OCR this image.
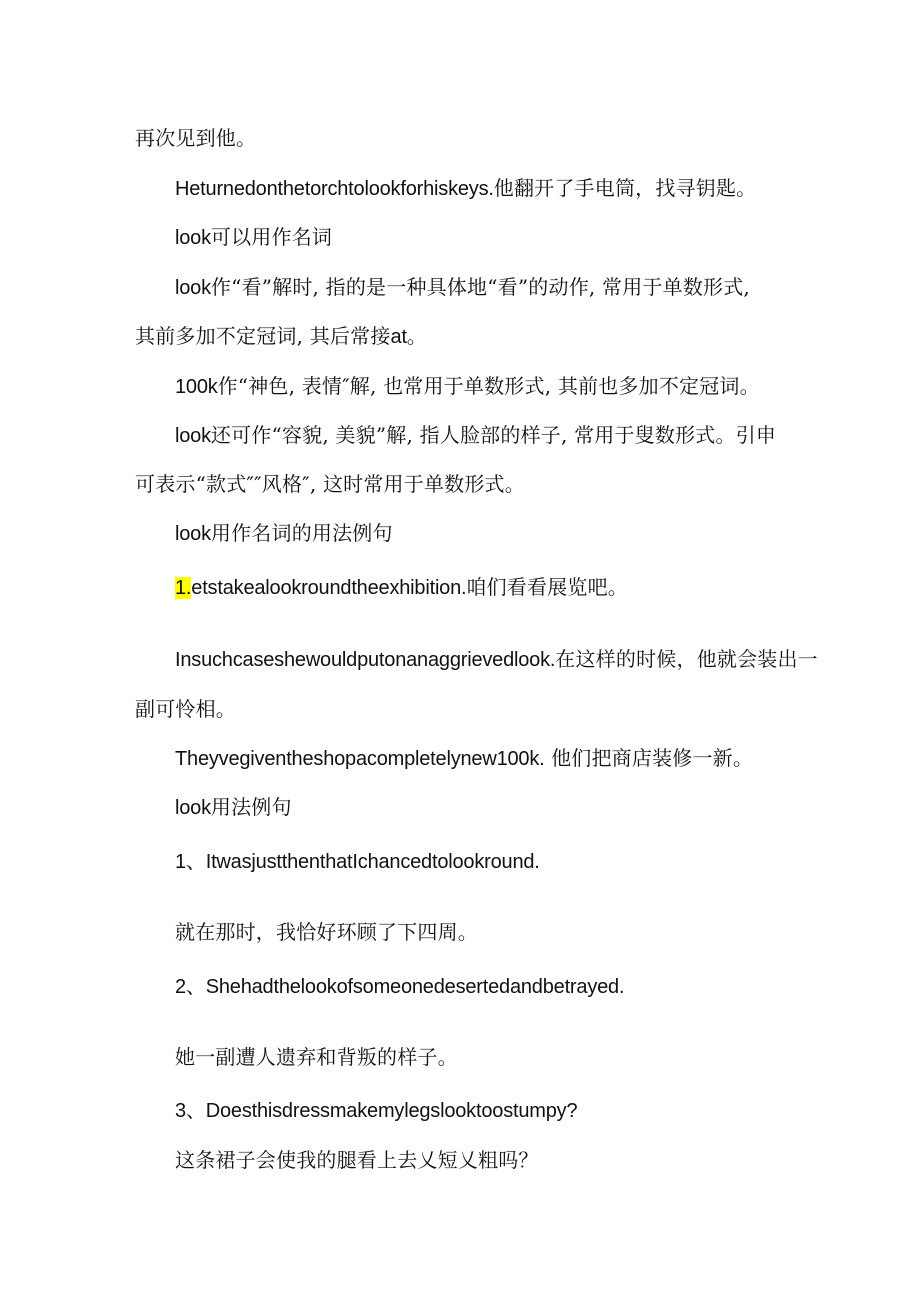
再次见到他。
Heturnedonthetorchtolookforhiskeys.他翻开了手电筒，找寻钥匙。
look可以用作名词
look作“看”解时, 指的是一种具体地“看”的动作, 常用于单数形式,
其前多加不定冠词, 其后常接at。
100k作“神色, 表情″解, 也常用于单数形式, 其前也多加不定冠词。
look还可作“容貌, 美貌”解, 指人脸部的样子, 常用于叟数形式。引申
可表示“款式″″风格″, 这时常用于单数形式。
look用作名词的用法例句
1.etstakealookroundtheexhibition.咱们看看展览吧。
Insuchcaseshewouldputonanaggrievedlook.在这样的时候，他就会装出一
副可怜相。
Theyvegiventheshopacompletelynew100k. 他们把商店装修一新。
look用法例句
1、ItwasjustthenthatIchancedtolookround.
就在那时，我恰好环顾了下四周。
2、Shehadthelookofsomeonedesertedandbetrayed.
她一副遭人遗弃和背叛的样子。
3、Doesthisdressmakemylegslooktoostumpy?
这条裙子会使我的腿看上去乂短乂粗吗？
